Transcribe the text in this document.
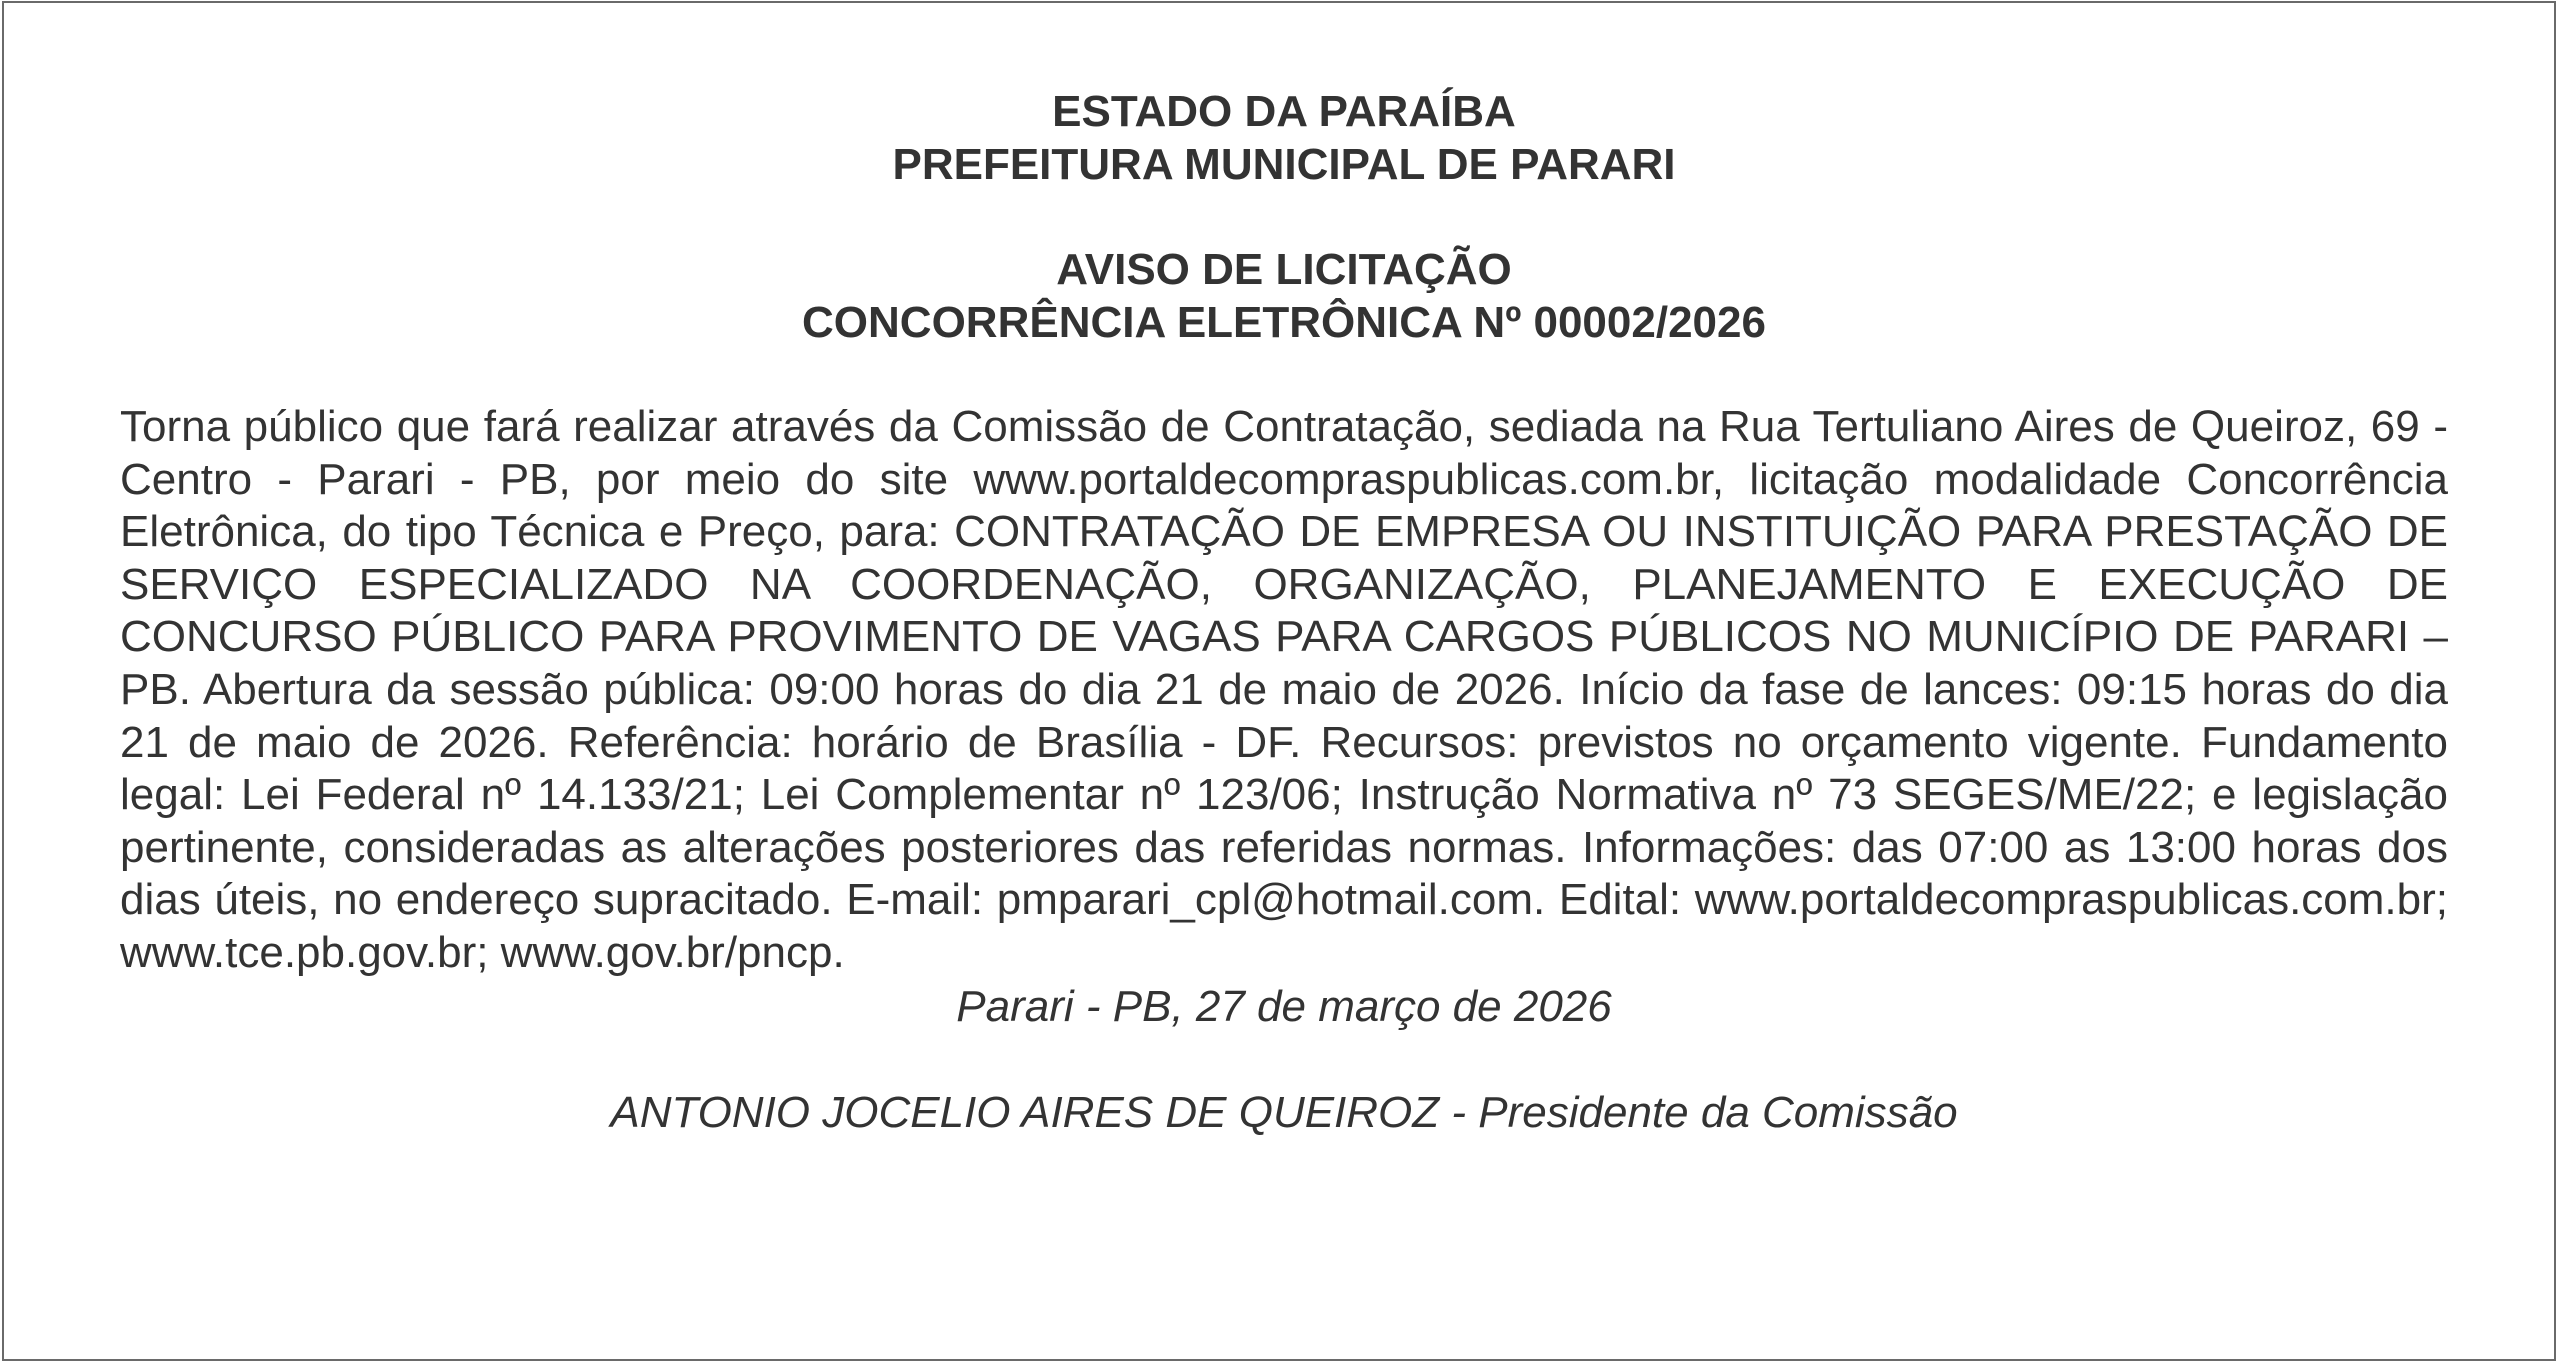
ESTADO DA PARAÍBA

PREFEITURA MUNICIPAL DE PARARI

AVISO DE LICITAÇÃO

CONCORRÊNCIA ELETRÔNICA Nº 00002/2026

Torna público que fará realizar através da Comissão de Contratação, sediada na Rua Tertuliano Aires de Queiroz, 69 - Centro - Parari - PB, por meio do site www.portaldecompraspublicas.com.br, licitação modalidade Concorrência Eletrônica, do tipo Técnica e Preço, para: CONTRATAÇÃO DE EMPRESA OU INSTITUIÇÃO PARA PRESTAÇÃO DE SERVIÇO ESPECIALIZADO NA COORDENAÇÃO, ORGANIZAÇÃO, PLANEJAMENTO E EXECUÇÃO DE CONCURSO PÚBLICO PARA PROVIMENTO DE VAGAS PARA CARGOS PÚBLICOS NO MUNICÍPIO DE PARARI – PB. Abertura da sessão pública: 09:00 horas do dia 21 de maio de 2026. Início da fase de lances: 09:15 horas do dia 21 de maio de 2026. Referência: horário de Brasília - DF. Recursos: previstos no orçamento vigente. Fundamento legal: Lei Federal nº 14.133/21; Lei Complementar nº 123/06; Instrução Normativa nº 73 SEGES/ME/22; e legislação pertinente, consideradas as alterações posteriores das referidas normas. Informações: das 07:00 as 13:00 horas dos dias úteis, no endereço supracitado. E-mail: pmparari_cpl@hotmail.com. Edital: www.portaldecompraspublicas.com.br; www.tce.pb.gov.br; www.gov.br/pncp.

Parari - PB, 27 de março de 2026

ANTONIO JOCELIO AIRES DE QUEIROZ - Presidente da Comissão
